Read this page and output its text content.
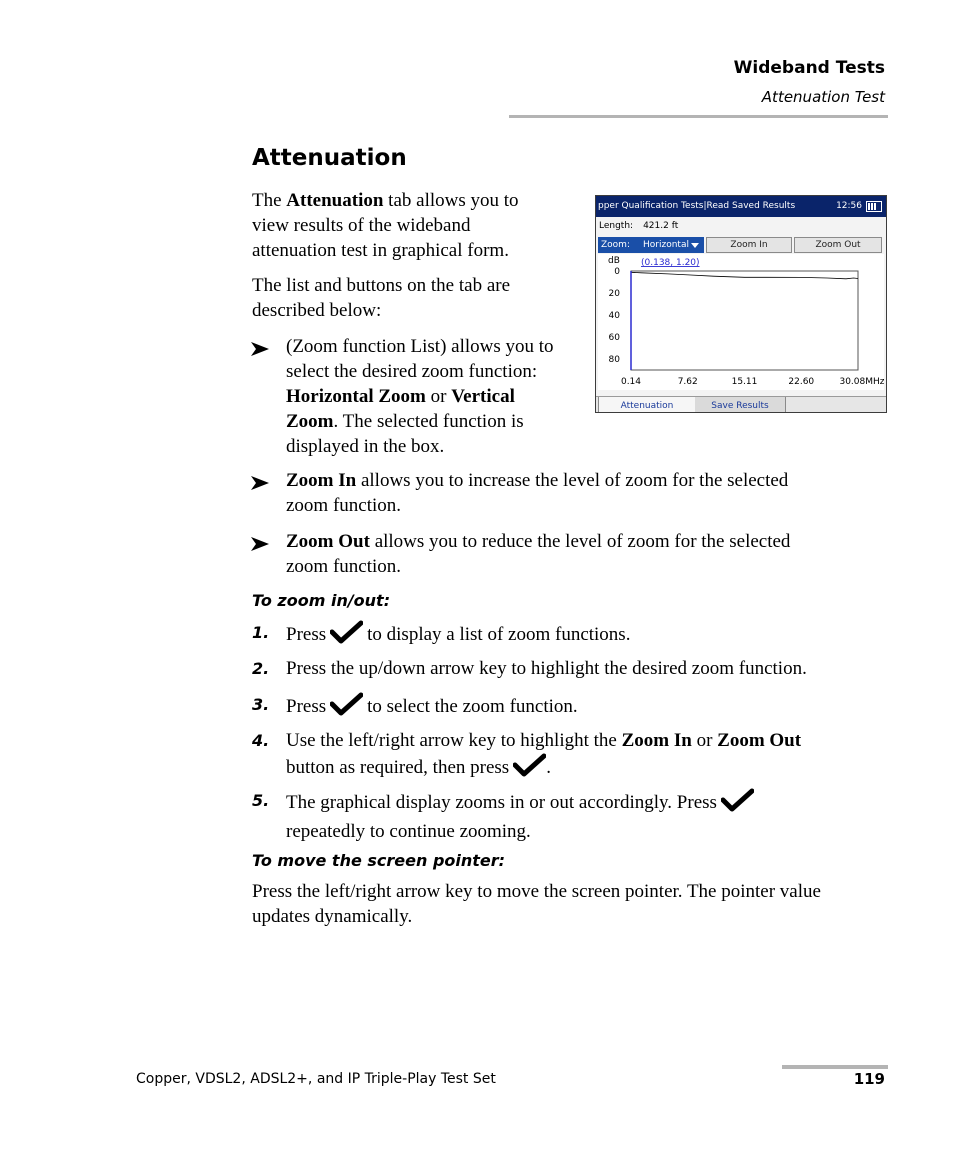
Wideband Tests
Attenuation Test
Attenuation
The Attenuation tab allows you to
view results of the wideband
attenuation test in graphical form.
The list and buttons on the tab are
described below:
(Zoom function List) allows you to
select the desired zoom function:
Horizontal Zoom or Vertical
Zoom. The selected function is
displayed in the box.
Zoom In allows you to increase the level of zoom for the selected
zoom function.
Zoom Out allows you to reduce the level of zoom for the selected
zoom function.
To zoom in/out:
1. Press to display a list of zoom functions.
2. Press the up/down arrow key to highlight the desired zoom function.
3. Press to select the zoom function.
4. Use the left/right arrow key to highlight the Zoom In or Zoom Out
button as required, then press .
5. The graphical display zooms in or out accordingly. Press
repeatedly to continue zooming.
To move the screen pointer:
Press the left/right arrow key to move the screen pointer. The pointer value
updates dynamically.
pper Qualification Tests|Read Saved Results	12:56
Length: 421.2 ft
Zoom: Horizontal	Zoom In	Zoom Out
dB
0
20
40
60
80
0.14	7.62	15.11	22.60	30.08MHz
(0.138, 1.20)
Attenuation	Save Results
Copper, VDSL2, ADSL2+, and IP Triple-Play Test Set	119
